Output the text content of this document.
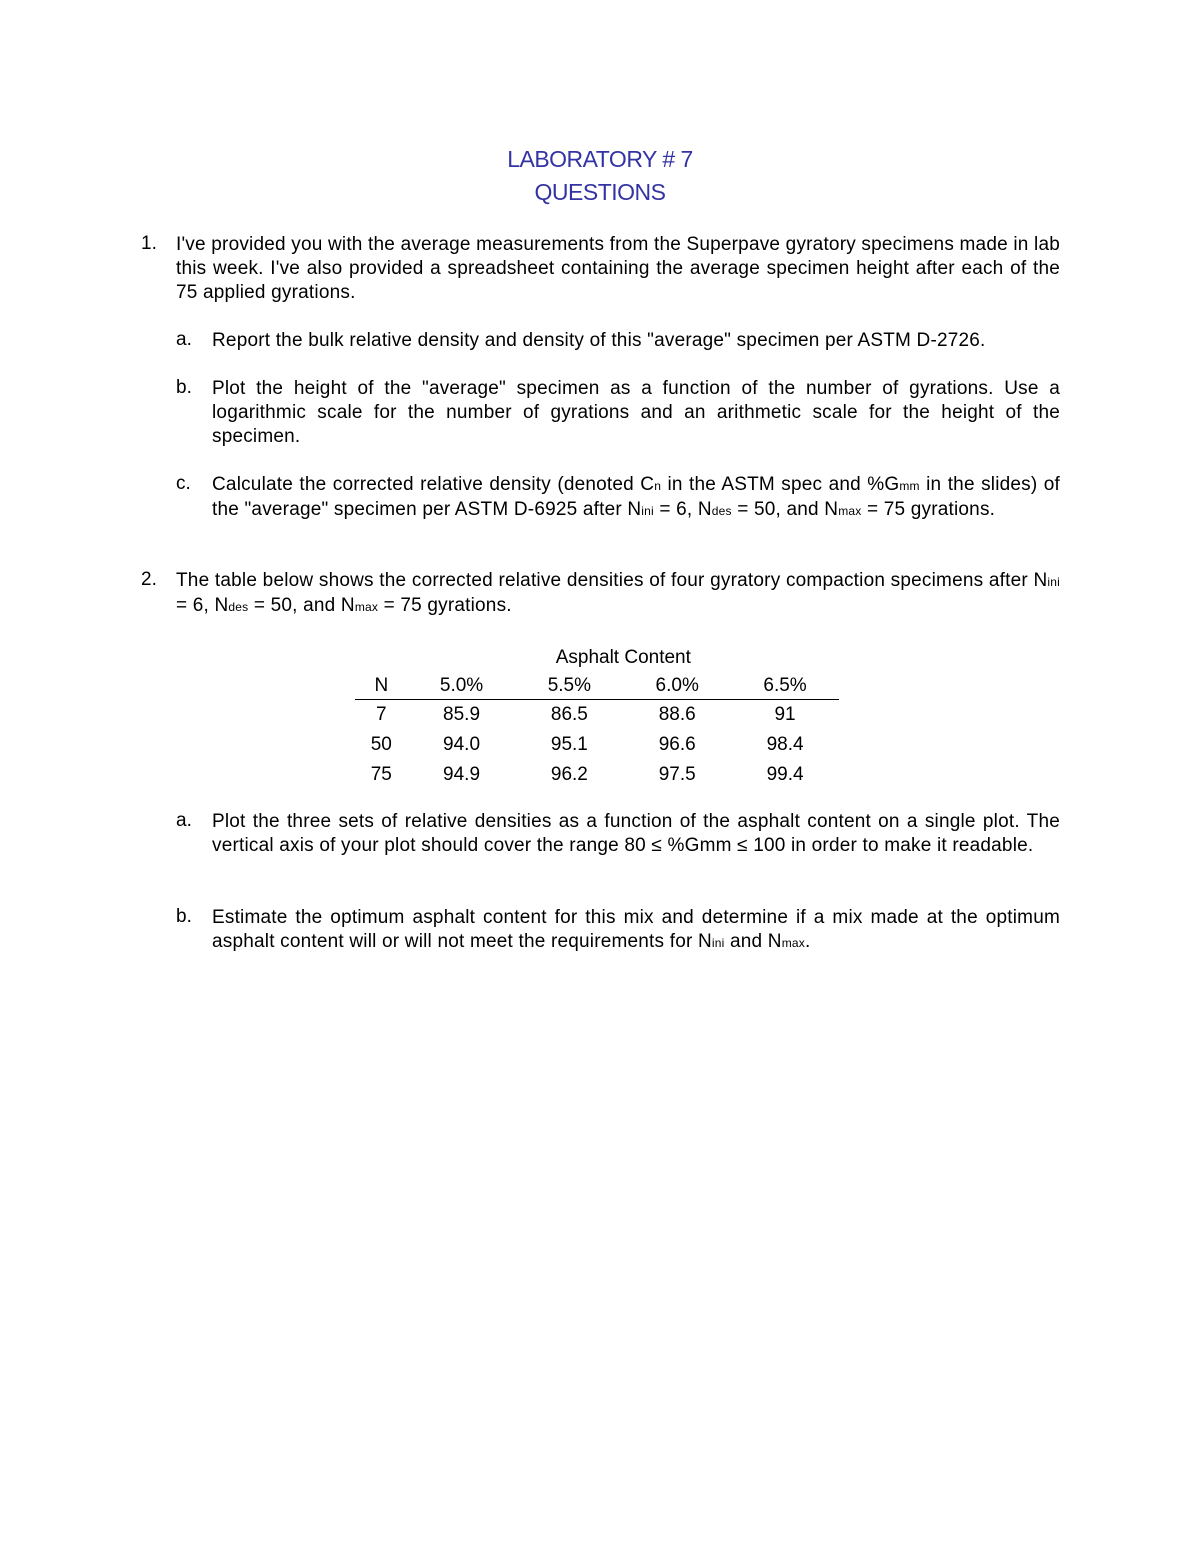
LABORATORY # 7
QUESTIONS
1. I've provided you with the average measurements from the Superpave gyratory specimens made in lab this week. I've also provided a spreadsheet containing the average specimen height after each of the 75 applied gyrations.
a. Report the bulk relative density and density of this "average" specimen per ASTM D-2726.
b. Plot the height of the "average" specimen as a function of the number of gyrations. Use a logarithmic scale for the number of gyrations and an arithmetic scale for the height of the specimen.
c. Calculate the corrected relative density (denoted Cn in the ASTM spec and %Gmm in the slides) of the "average" specimen per ASTM D-6925 after Nini = 6, Ndes = 50, and Nmax = 75 gyrations.
2. The table below shows the corrected relative densities of four gyratory compaction specimens after Nini = 6, Ndes = 50, and Nmax = 75 gyrations.
	Asphalt Content			
N	5.0%	5.5%	6.0%	6.5%
7	85.9	86.5	88.6	91
50	94.0	95.1	96.6	98.4
75	94.9	96.2	97.5	99.4
a. Plot the three sets of relative densities as a function of the asphalt content on a single plot. The vertical axis of your plot should cover the range 80 ≤ %Gmm ≤ 100 in order to make it readable.
b. Estimate the optimum asphalt content for this mix and determine if a mix made at the optimum asphalt content will or will not meet the requirements for Nini and Nmax.
